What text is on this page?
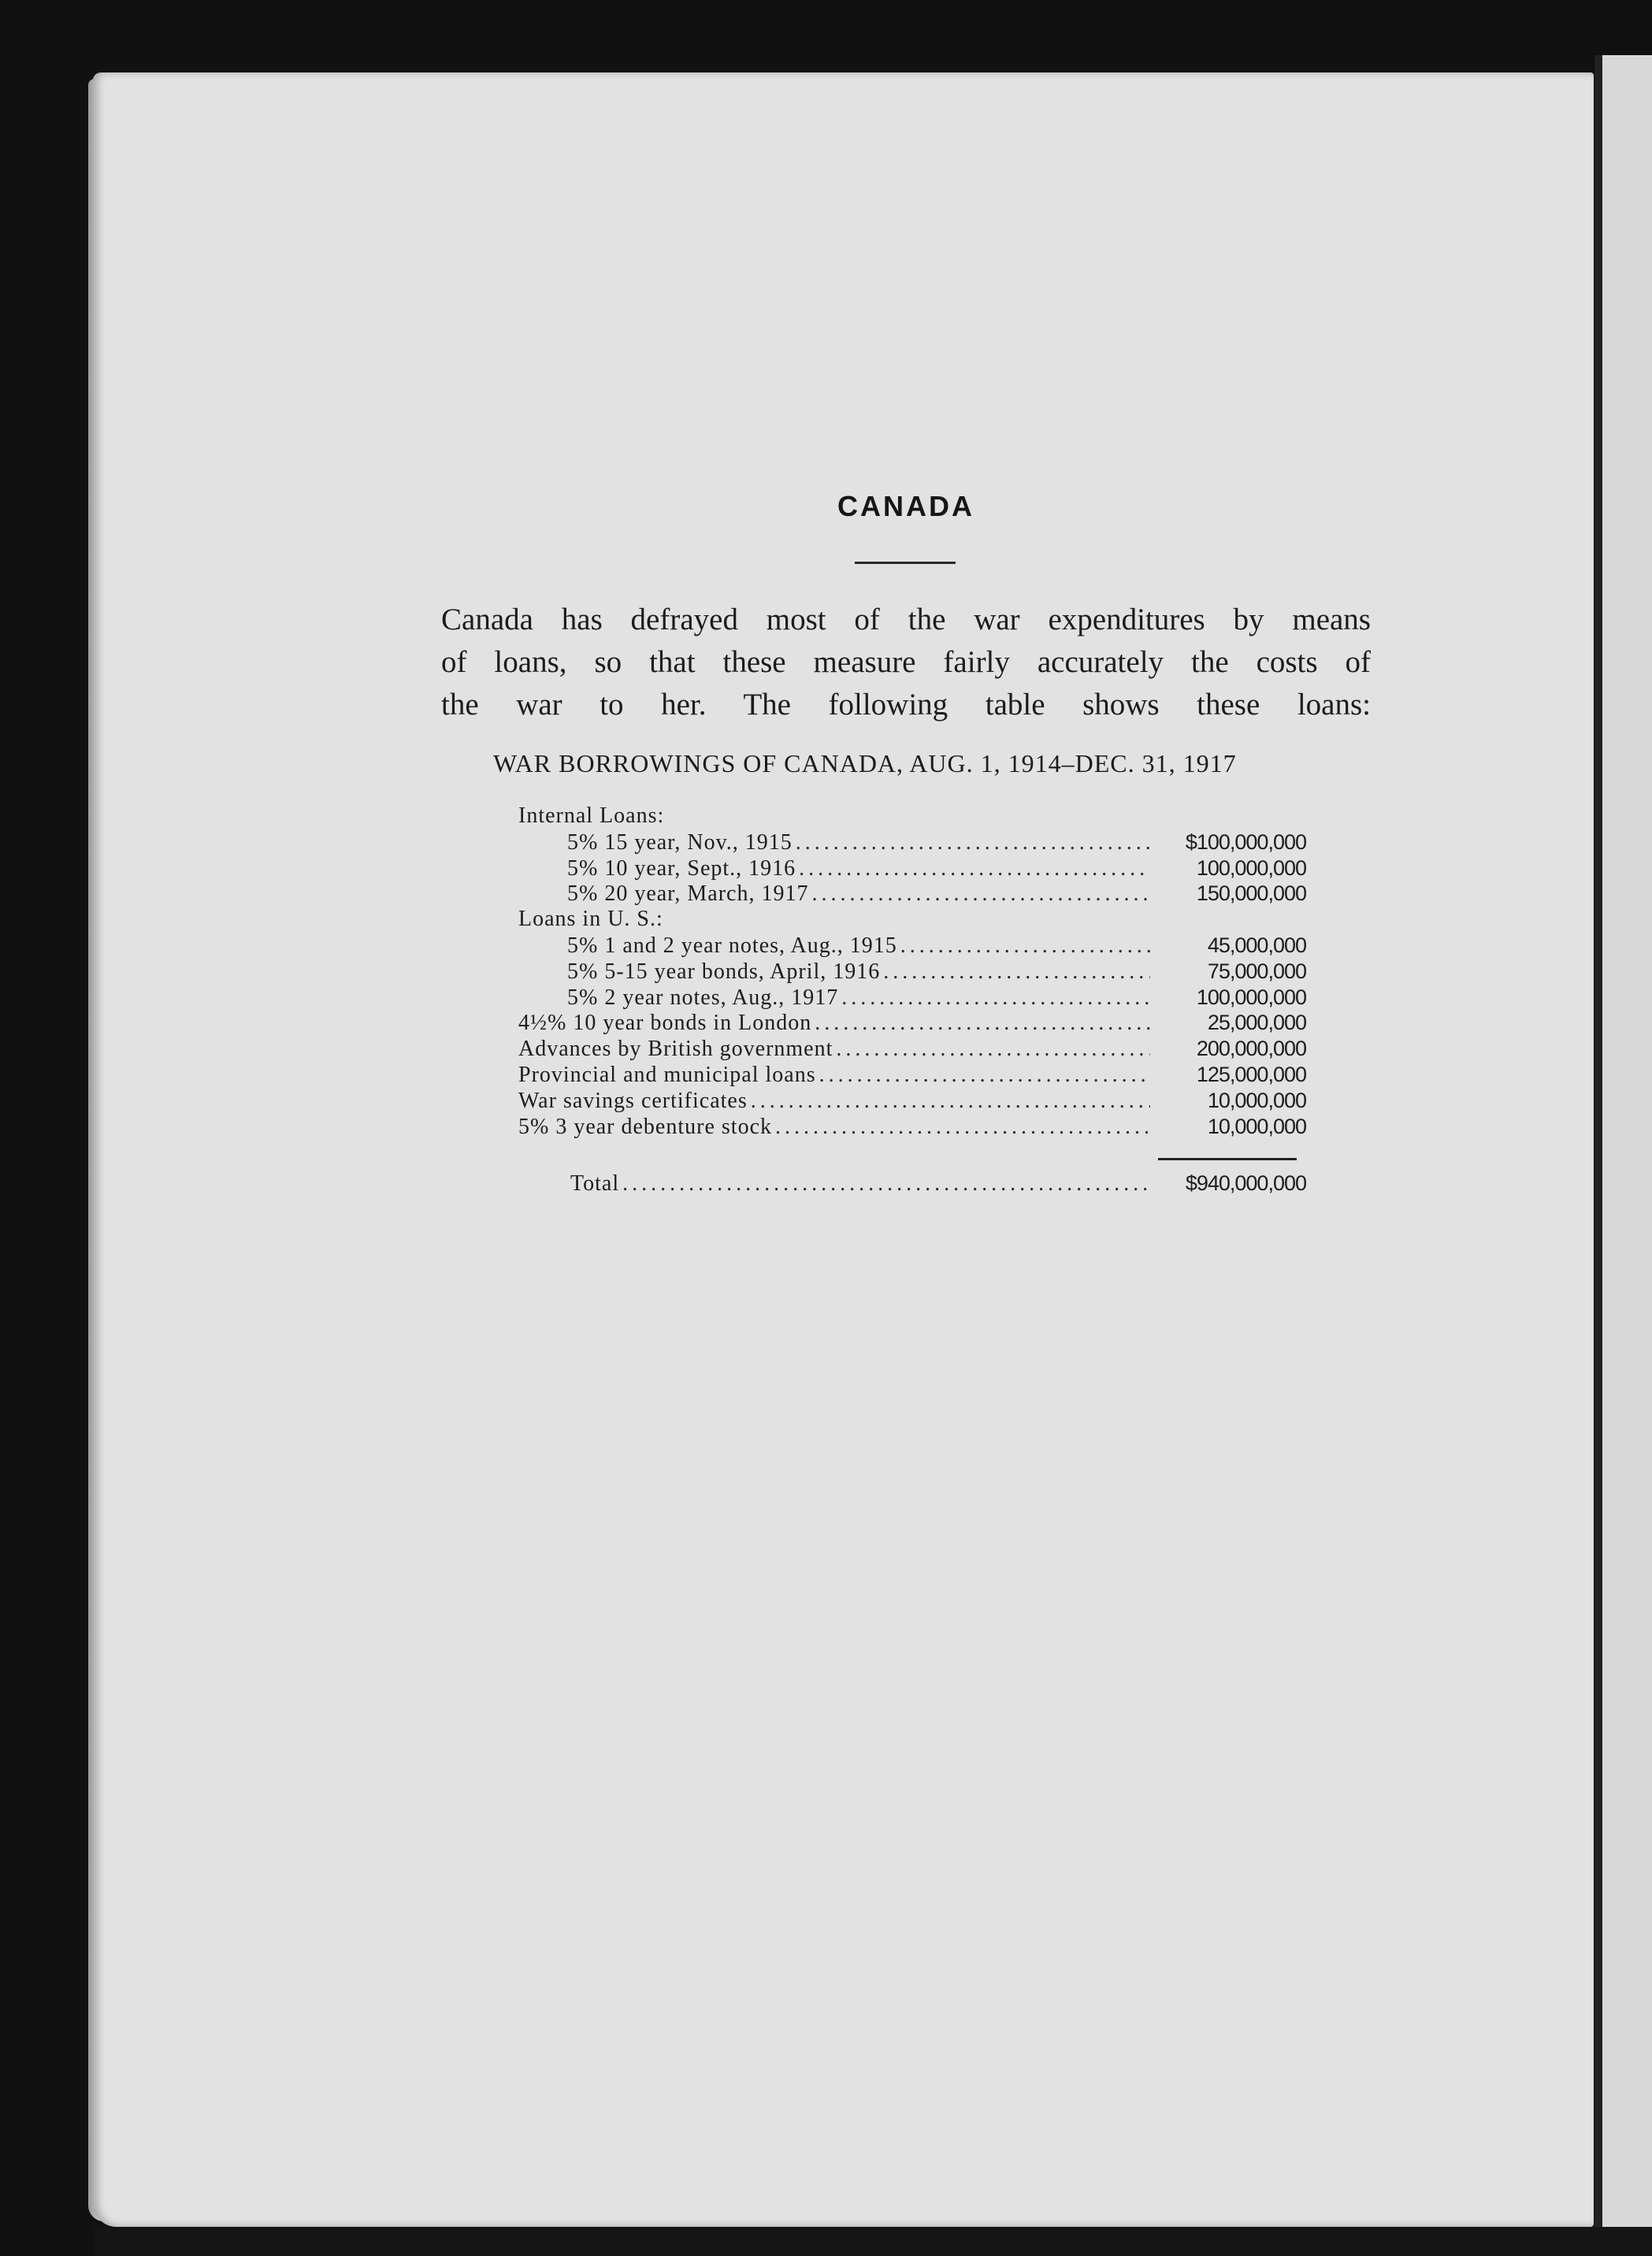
CANADA
Canada has defrayed most of the war expenditures by means
of loans, so that these measure fairly accurately the costs of
the war to her. The following table shows these loans:
WAR BORROWINGS OF CANADA, AUG. 1, 1914–DEC. 31, 1917
Internal Loans:
5% 15 year, Nov., 1915 .....	$100,000,000
5% 10 year, Sept., 1916 .....	100,000,000
5% 20 year, March, 1917 .....	150,000,000
Loans in U. S.:
5% 1 and 2 year notes, Aug., 1915 .....	45,000,000
5% 5-15 year bonds, April, 1916 .....	75,000,000
5% 2 year notes, Aug., 1917 .....	100,000,000
4½% 10 year bonds in London .....	25,000,000
Advances by British government .....	200,000,000
Provincial and municipal loans .....	125,000,000
War savings certificates .....	10,000,000
5% 3 year debenture stock .....	10,000,000
Total .....	$940,000,000
